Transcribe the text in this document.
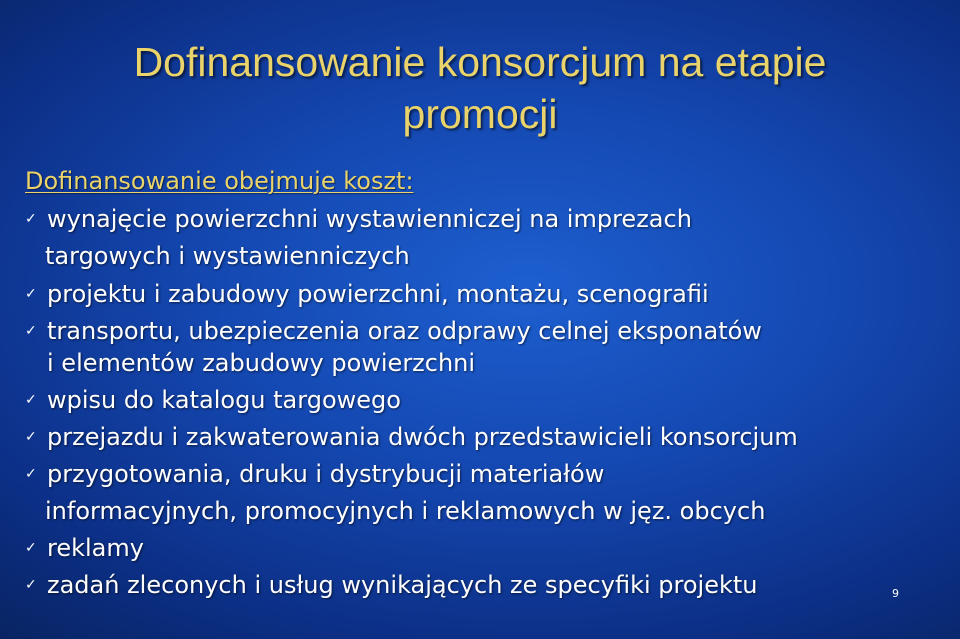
Dofinansowanie konsorcjum na etapie
promocji
Dofinansowanie obejmuje koszt:
✓ wynajęcie powierzchni wystawienniczej na imprezach
targowych i wystawienniczych
✓ projektu i zabudowy powierzchni, montażu, scenografii
✓ transportu, ubezpieczenia oraz odprawy celnej eksponatów
i elementów zabudowy powierzchni
✓ wpisu do katalogu targowego
✓ przejazdu i zakwaterowania dwóch przedstawicieli konsorcjum
✓ przygotowania, druku i dystrybucji materiałów
informacyjnych, promocyjnych i reklamowych w jęz. obcych
✓ reklamy
✓ zadań zleconych i usług wynikających ze specyfiki projektu	9
